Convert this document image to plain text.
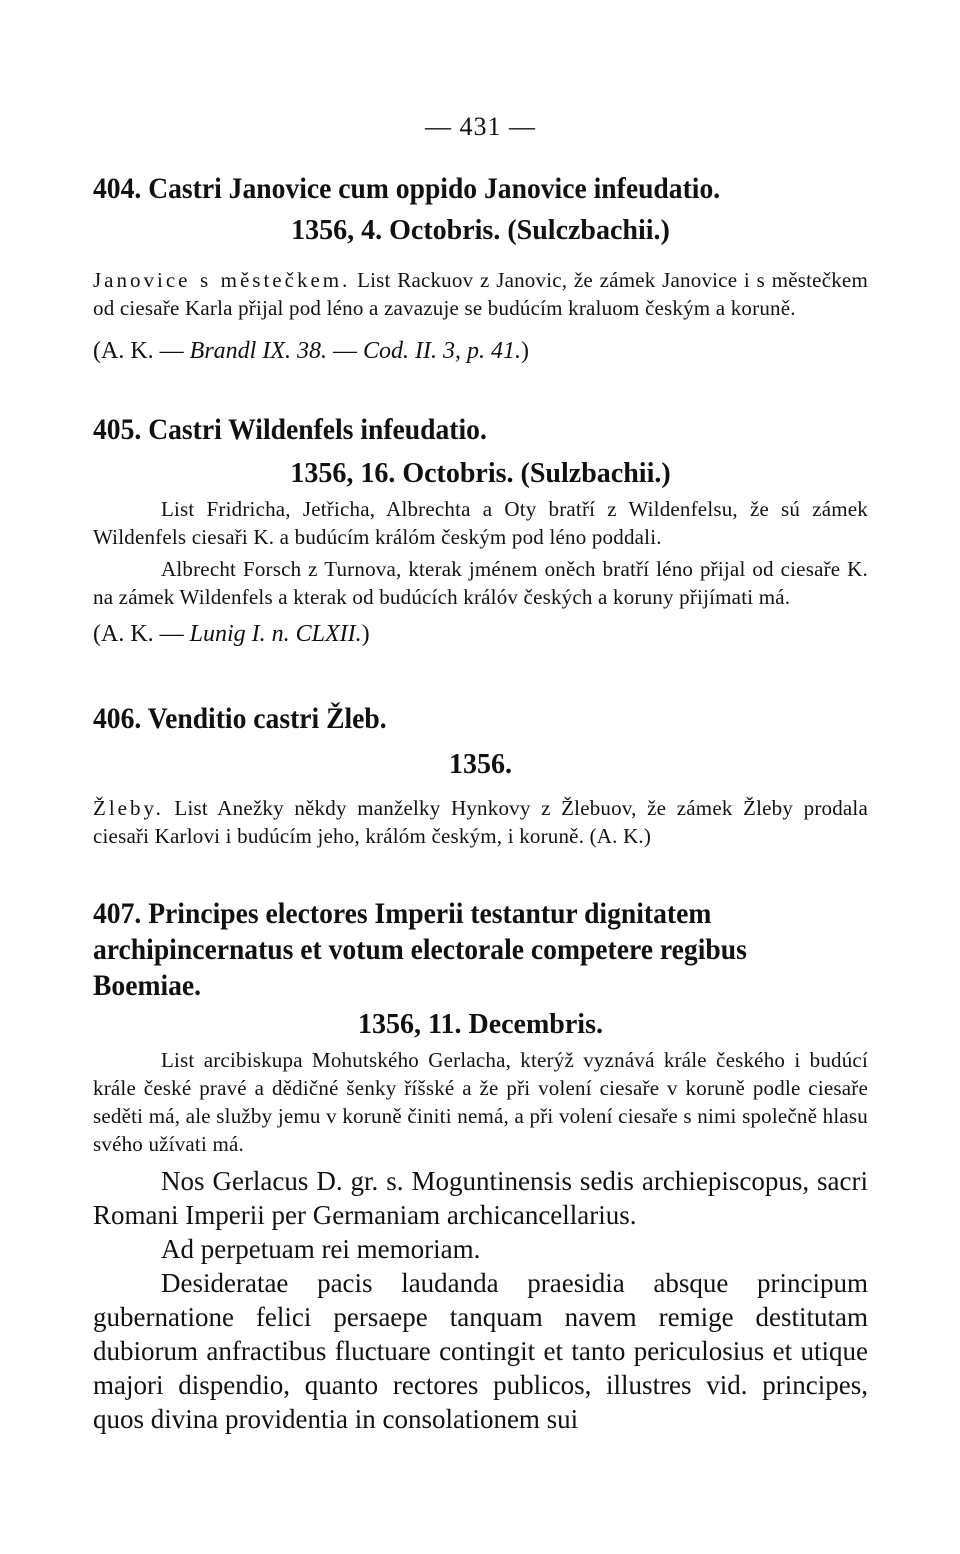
— 431 —

404. Castri Janovice cum oppido Janovice infeudatio.

1356, 4. Octobris. (Sulczbachii.)

Janovice s městečkem. List Rackuov z Janovic, že zámek Janovice i s městečkem od ciesaře Karla přijal pod léno a zavazuje se budúcím kraluom českým a koruně.

(A. K. — Brandl IX. 38. — Cod. II. 3, p. 41.)

405. Castri Wildenfels infeudatio.

1356, 16. Octobris. (Sulzbachii.)

List Fridricha, Jetřicha, Albrechta a Oty bratří z Wildenfelsu, že sú zámek Wildenfels ciesaři K. a budúcím králóm českým pod léno poddali.

Albrecht Forsch z Turnova, kterak jménem oněch bratří léno přijal od ciesaře K. na zámek Wildenfels a kterak od budúcích králóv českých a koruny přijímati má.

(A. K. — Lunig I. n. CLXII.)

406. Venditio castri Žleb.

1356.

Žleby. List Anežky někdy manželky Hynkovy z Žlebuov, že zámek Žleby prodala ciesaři Karlovi i budúcím jeho, králóm českým, i koruně. (A. K.)

407. Principes electores Imperii testantur dignitatem archipincernatus et votum electorale competere regibus Boemiae.

1356, 11. Decembris.

List arcibiskupa Mohutského Gerlacha, kterýž vyznává krále českého i budúcí krále české pravé a dědičné šenky říšské a že při volení ciesaře v koruně podle ciesaře seděti má, ale služby jemu v koruně činiti nemá, a při volení ciesaře s nimi společně hlasu svého užívati má.

Nos Gerlacus D. gr. s. Moguntinensis sedis archiepiscopus, sacri Romani Imperii per Germaniam archicancellarius.

Ad perpetuam rei memoriam.

Desideratae pacis laudanda praesidia absque principum gubernatione felici persaepe tanquam navem remige destitutam dubiorum anfractibus fluctuare contingit et tanto periculosius et utique majori dispendio, quanto rectores publicos, illustres vid. principes, quos divina providentia in consolationem sui
